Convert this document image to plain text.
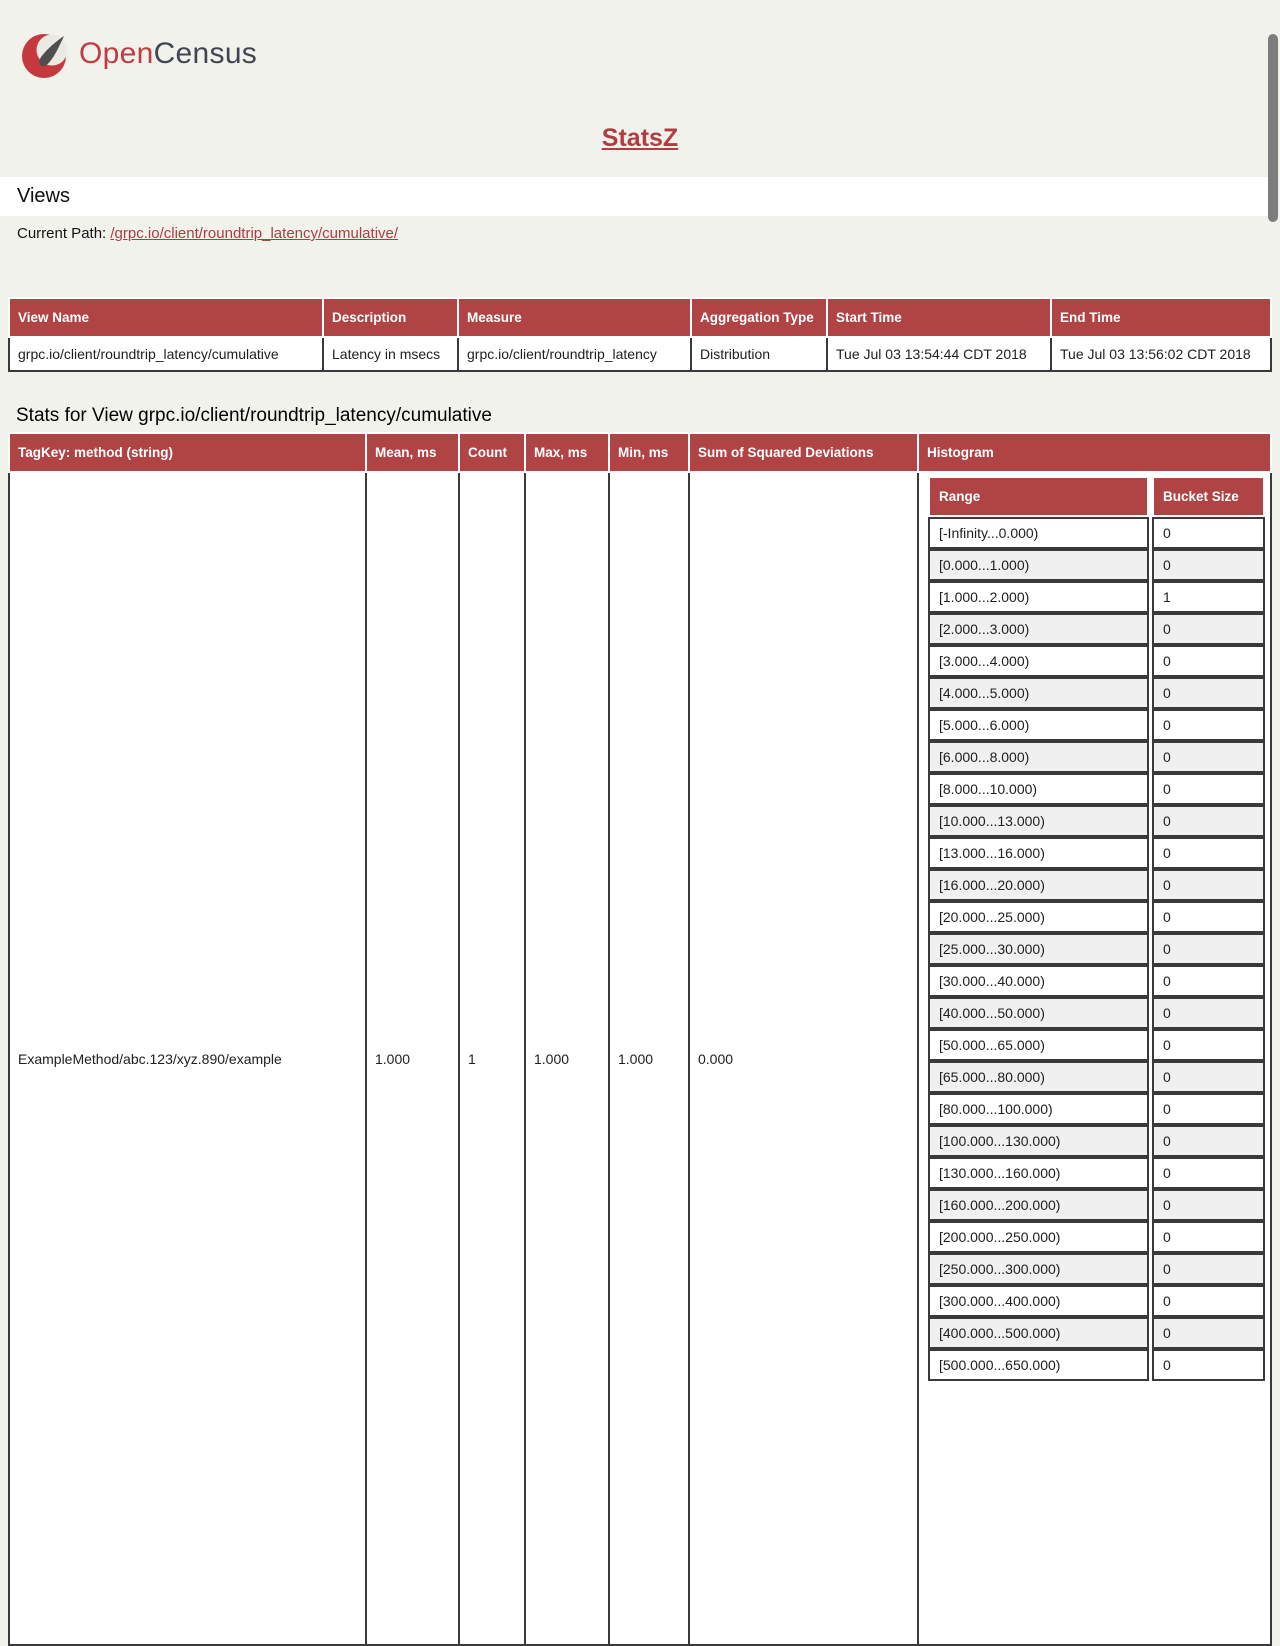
OpenCensus
StatsZ
Views
Current Path: /grpc.io/client/roundtrip_latency/cumulative/
View Name	Description	Measure	Aggregation Type	Start Time	End Time
grpc.io/client/roundtrip_latency/cumulative	Latency in msecs	grpc.io/client/roundtrip_latency	Distribution	Tue Jul 03 13:54:44 CDT 2018	Tue Jul 03 13:56:02 CDT 2018
Stats for View grpc.io/client/roundtrip_latency/cumulative
TagKey: method (string)	Mean, ms	Count	Max, ms	Min, ms	Sum of Squared Deviations	Histogram
ExampleMethod/abc.123/xyz.890/example	1.000	1	1.000	1.000	0.000	
Range	Bucket Size
[-Infinity...0.000)	0
[0.000...1.000)	0
[1.000...2.000)	1
[2.000...3.000)	0
[3.000...4.000)	0
[4.000...5.000)	0
[5.000...6.000)	0
[6.000...8.000)	0
[8.000...10.000)	0
[10.000...13.000)	0
[13.000...16.000)	0
[16.000...20.000)	0
[20.000...25.000)	0
[25.000...30.000)	0
[30.000...40.000)	0
[40.000...50.000)	0
[50.000...65.000)	0
[65.000...80.000)	0
[80.000...100.000)	0
[100.000...130.000)	0
[130.000...160.000)	0
[160.000...200.000)	0
[200.000...250.000)	0
[250.000...300.000)	0
[300.000...400.000)	0
[400.000...500.000)	0
[500.000...650.000)	0
